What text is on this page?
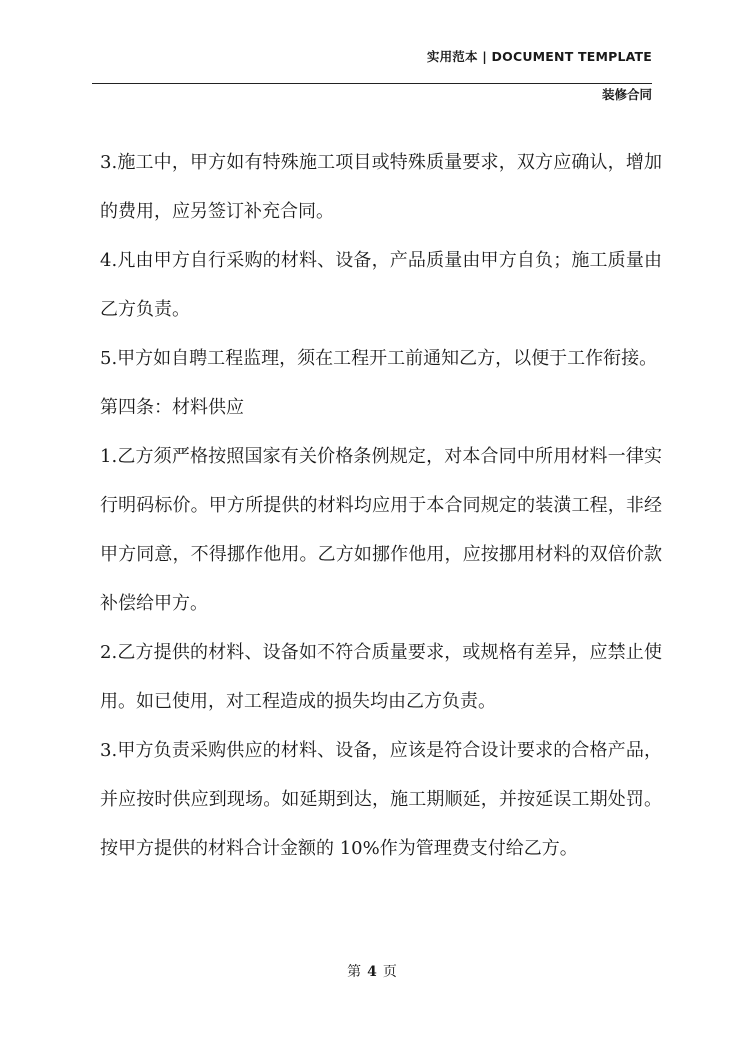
实用范本 | DOCUMENT TEMPLATE
装修合同

3.施工中，甲方如有特殊施工项目或特殊质量要求，双方应确认，增加的费用，应另签订补充合同。

4.凡由甲方自行采购的材料、设备，产品质量由甲方自负；施工质量由乙方负责。

5.甲方如自聘工程监理，须在工程开工前通知乙方，以便于工作衔接。

第四条：材料供应

1.乙方须严格按照国家有关价格条例规定，对本合同中所用材料一律实行明码标价。甲方所提供的材料均应用于本合同规定的装潢工程，非经甲方同意，不得挪作他用。乙方如挪作他用，应按挪用材料的双倍价款补偿给甲方。

2.乙方提供的材料、设备如不符合质量要求，或规格有差异，应禁止使用。如已使用，对工程造成的损失均由乙方负责。

3.甲方负责采购供应的材料、设备，应该是符合设计要求的合格产品，并应按时供应到现场。如延期到达，施工期顺延，并按延误工期处罚。按甲方提供的材料合计金额的 10%作为管理费支付给乙方。

第 4 页
